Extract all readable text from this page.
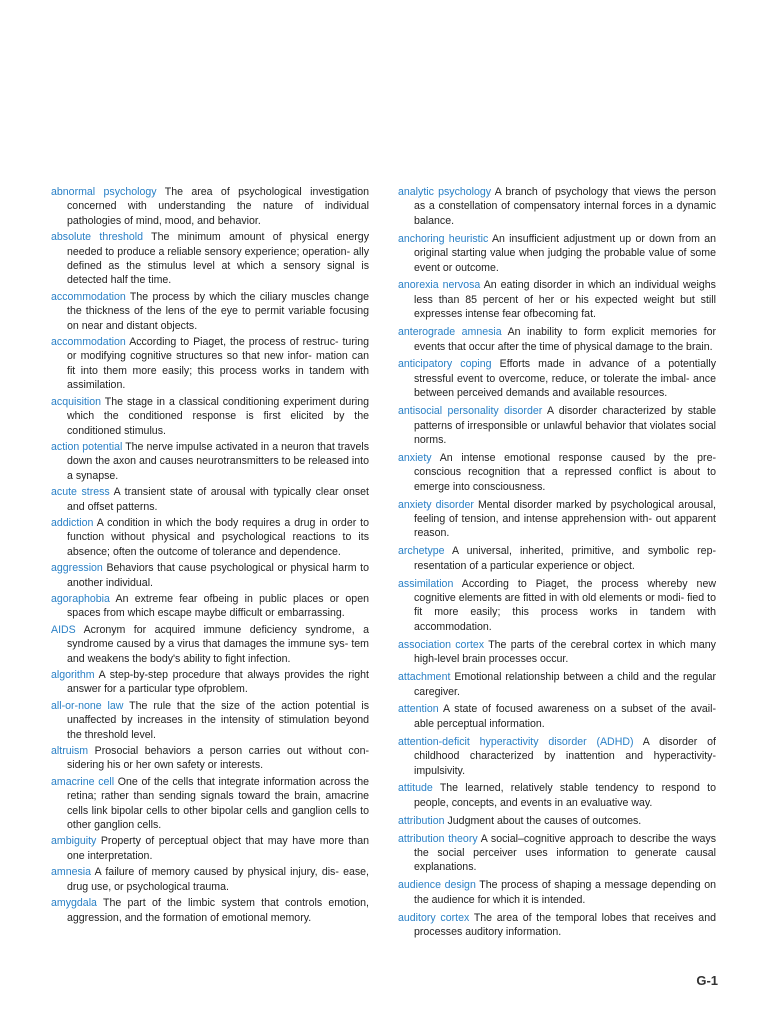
abnormal psychology The area of psychological investigation concerned with understanding the nature of individual pathologies of mind, mood, and behavior.

absolute threshold The minimum amount of physical energy needed to produce a reliable sensory experience; operation- ally defined as the stimulus level at which a sensory signal is detected half the time.

accommodation The process by which the ciliary muscles change the thickness of the lens of the eye to permit variable focusing on near and distant objects.

accommodation According to Piaget, the process of restruc- turing or modifying cognitive structures so that new infor- mation can fit into them more easily; this process works in tandem with assimilation.

acquisition The stage in a classical conditioning experiment during which the conditioned response is first elicited by the conditioned stimulus.

action potential The nerve impulse activated in a neuron that travels down the axon and causes neurotransmitters to be released into a synapse.

acute stress A transient state of arousal with typically clear onset and offset patterns.

addiction A condition in which the body requires a drug in order to function without physical and psychological reactions to its absence; often the outcome of tolerance and dependence.

aggression Behaviors that cause psychological or physical harm to another individual.

agoraphobia An extreme fear ofbeing in public places or open spaces from which escape maybe difficult or embarrassing.

AIDS Acronym for acquired immune deficiency syndrome, a syndrome caused by a virus that damages the immune sys- tem and weakens the body's ability to fight infection.

algorithm A step-by-step procedure that always provides the right answer for a particular type ofproblem.

all-or-none law The rule that the size of the action potential is unaffected by increases in the intensity of stimulation beyond the threshold level.

altruism Prosocial behaviors a person carries out without con- sidering his or her own safety or interests.

amacrine cell One of the cells that integrate information across the retina; rather than sending signals toward the brain, amacrine cells link bipolar cells to other bipolar cells and ganglion cells to other ganglion cells.

ambiguity Property of perceptual object that may have more than one interpretation.

amnesia A failure of memory caused by physical injury, dis- ease, drug use, or psychological trauma.

amygdala The part of the limbic system that controls emotion, aggression, and the formation of emotional memory.

analytic psychology A branch of psychology that views the person as a constellation of compensatory internal forces in a dynamic balance.

anchoring heuristic An insufficient adjustment up or down from an original starting value when judging the probable value of some event or outcome.

anorexia nervosa An eating disorder in which an individual weighs less than 85 percent of her or his expected weight but still expresses intense fear ofbecoming fat.

anterograde amnesia An inability to form explicit memories for events that occur after the time of physical damage to the brain.

anticipatory coping Efforts made in advance of a potentially stressful event to overcome, reduce, or tolerate the imbal- ance between perceived demands and available resources.

antisocial personality disorder A disorder characterized by stable patterns of irresponsible or unlawful behavior that violates social norms.

anxiety An intense emotional response caused by the pre- conscious recognition that a repressed conflict is about to emerge into consciousness.

anxiety disorder Mental disorder marked by psychological arousal, feeling of tension, and intense apprehension with- out apparent reason.

archetype A universal, inherited, primitive, and symbolic rep- resentation of a particular experience or object.

assimilation According to Piaget, the process whereby new cognitive elements are fitted in with old elements or modi- fied to fit more easily; this process works in tandem with accommodation.

association cortex The parts of the cerebral cortex in which many high-level brain processes occur.

attachment Emotional relationship between a child and the regular caregiver.

attention A state of focused awareness on a subset of the avail- able perceptual information.

attention-deficit hyperactivity disorder (ADHD) A disorder of childhood characterized by inattention and hyperactivity- impulsivity.

attitude The learned, relatively stable tendency to respond to people, concepts, and events in an evaluative way.

attribution Judgment about the causes of outcomes.

attribution theory A social–cognitive approach to describe the ways the social perceiver uses information to generate causal explanations.

audience design The process of shaping a message depending on the audience for which it is intended.

auditory cortex The area of the temporal lobes that receives and processes auditory information.

G-1
